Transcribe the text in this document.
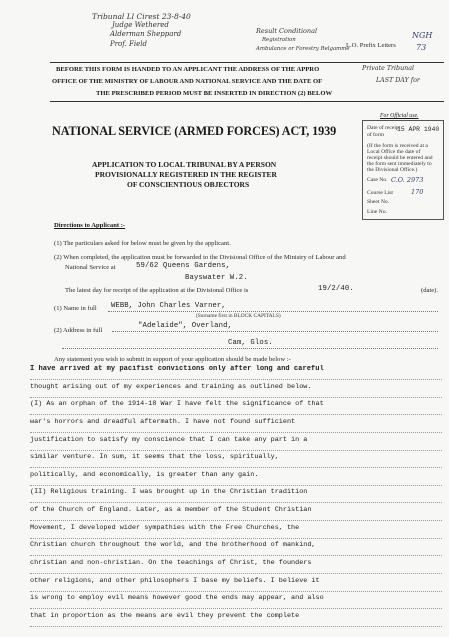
Tribunal Ll Cirest 23-8-40
Judge Wethered
Alderman Sheppard
Prof. Field
Result Conditional
Registration
Ambulance or Forestry Relgamme
L.O. Prefix Letters
NGH
73
BEFORE THIS FORM IS HANDED TO AN APPLICANT THE ADDRESS OF THE APPRO	Private Tribunal
OFFICE OF THE MINISTRY OF LABOUR AND NATIONAL SERVICE AND THE DATE OF	LAST DAY for
THE PRESCRIBED PERIOD MUST BE INSERTED IN DIRECTION (2) BELOW
NATIONAL SERVICE (ARMED FORCES) ACT, 1939
APPLICATION TO LOCAL TRIBUNAL BY A PERSON
PROVISIONALLY REGISTERED IN THE REGISTER
OF CONSCIENTIOUS OBJECTORS
For Official use.
Date of receipt
of form
15 APR 1940
(If the form is received at a
Local Office the date of
receipt should be entered and
the form sent immediately to
the Divisional Office.)
Case No. C.O. 2973
Course List	170
Sheet No.
Line No.
Directions to Applicant :-
(1) The particulars asked for below must be given by the applicant.
(2) When completed, the application must be forwarded to the Divisional Office of the Ministry of Labour and
National Service at	59/62 Queens Gardens,
Bayswater W.2.
The latest day for receipt of the application at the Divisional Office is	19/2/40.	(date).
(1) Name in full WEBB, John Charles Varner,
(Surname first in BLOCK CAPITALS)
(2) Address in full
"Adelaide", Overland,
Cam, Glos.
Any statement you wish to submit in support of your application should be made below :-
I have arrived at my pacifist convictions only after long and careful
thought arising out of my experiences and training as outlined below.
(I) As an orphan of the 1914-18 War I have felt the significance of that
war's horrors and dreadful aftermath. I have not found sufficient
justification to satisfy my conscience that I can take any part in a
similar venture. In sum, it seems that the loss, spiritually,
politically, and economically, is greater than any gain.
(II) Religious training. I was brought up in the Christian tradition
of the Church of England. Later, as a member of the Student Christian
Movement, I developed wider sympathies with the Free Churches, the
Christian church throughout the world, and the brotherhood of mankind,
christian and non-christian. On the teachings of Christ, the founders
other religions, and other philosophers I base my beliefs. I believe it
is wrong to employ evil means however good the ends may appear, and also
that in proportion as the means are evil they prevent the complete
